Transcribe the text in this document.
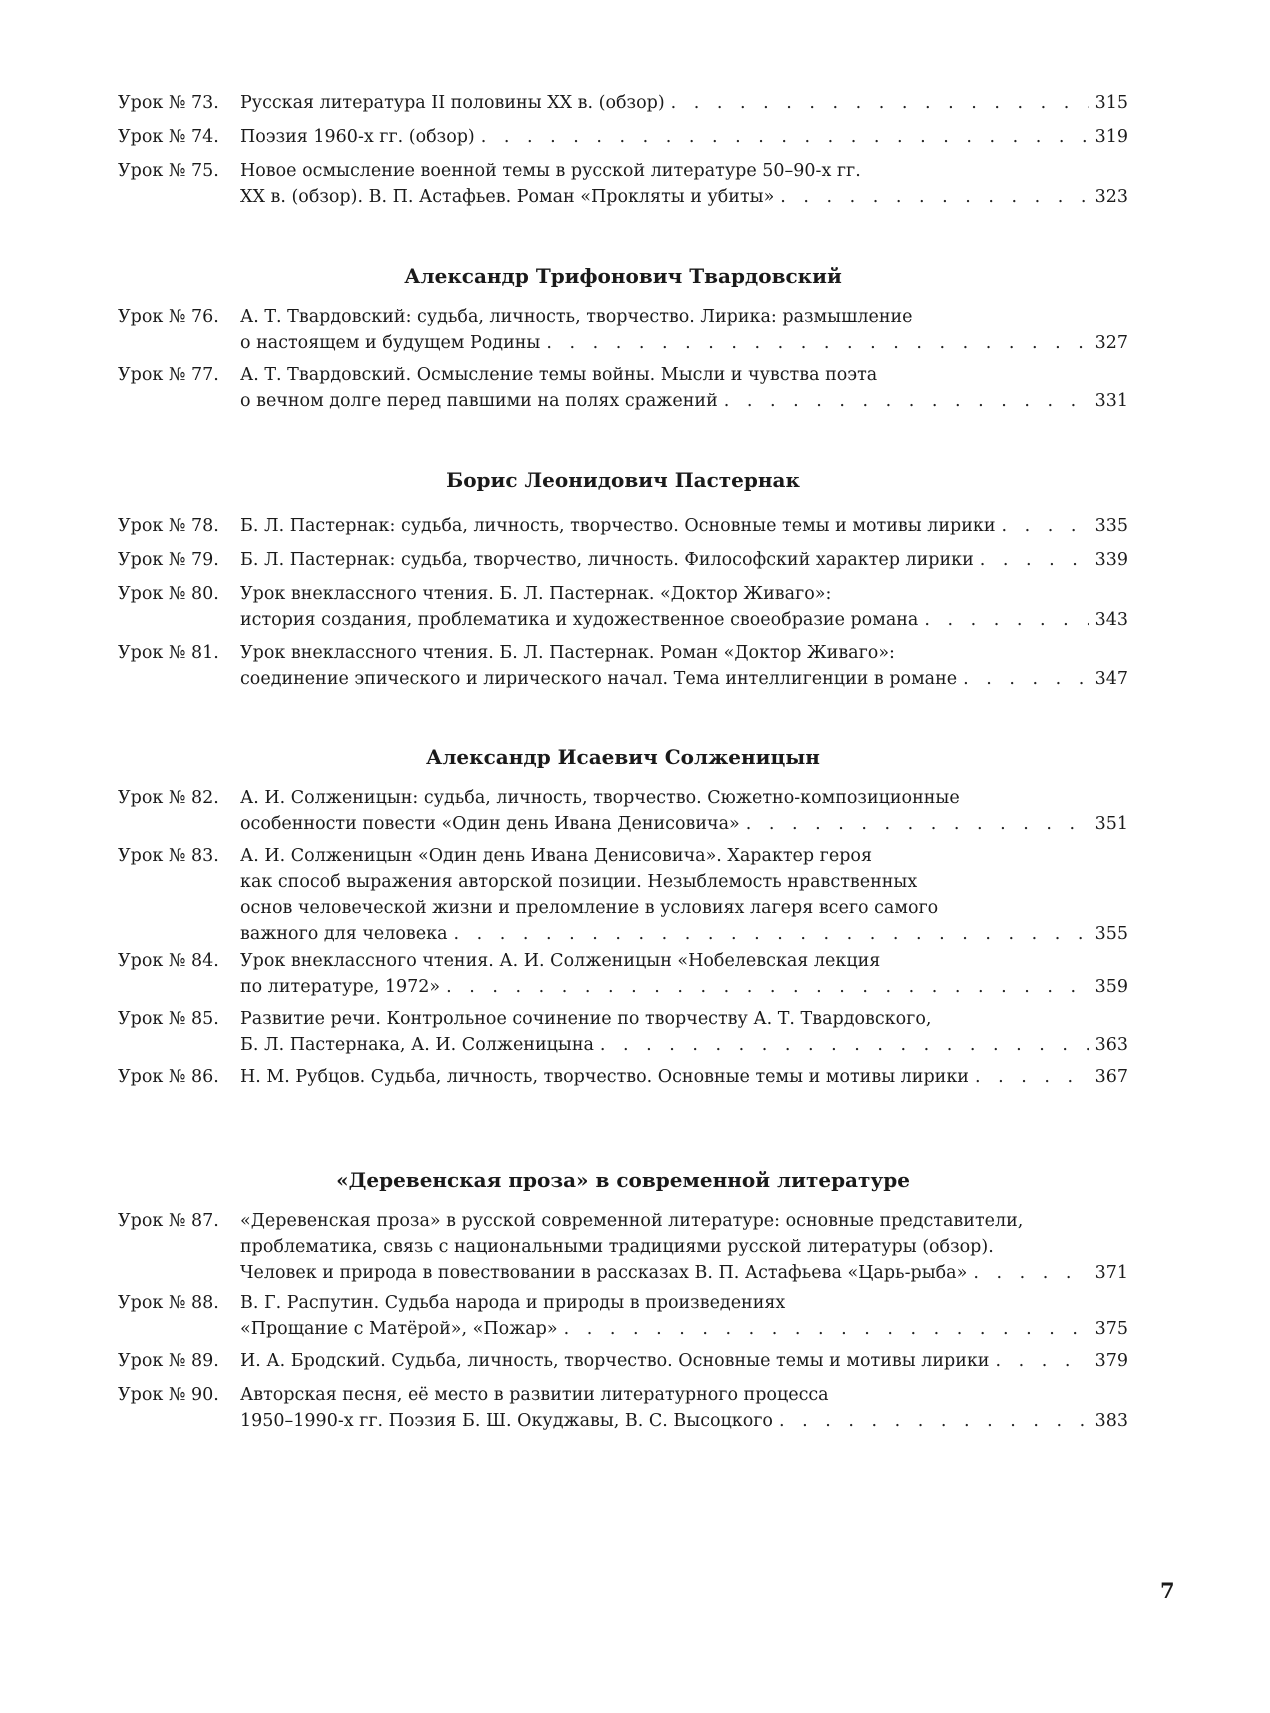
Урок № 73. Русская литература II половины XX в. (обзор) . . .	315
Урок № 74. Поэзия 1960-х гг. (обзор) . . .	319
Урок № 75. Новое осмысление военной темы в русской литературе 50–90-х гг.
XX в. (обзор). В. П. Астафьев. Роман «Прокляты и убиты» . . .	323
Александр Трифонович Твардовский
Урок № 76. А. Т. Твардовский: судьба, личность, творчество. Лирика: размышление
о настоящем и будущем Родины . . .	327
Урок № 77. А. Т. Твардовский. Осмысление темы войны. Мысли и чувства поэта
о вечном долге перед павшими на полях сражений . . .	331
Борис Леонидович Пастернак
Урок № 78. Б. Л. Пастернак: судьба, личность, творчество. Основные темы и мотивы лирики . . .	335
Урок № 79. Б. Л. Пастернак: судьба, творчество, личность. Философский характер лирики . . .	339
Урок № 80. Урок внеклассного чтения. Б. Л. Пастернак. «Доктор Живаго»:
история создания, проблематика и художественное своеобразие романа . . .	343
Урок № 81. Урок внеклассного чтения. Б. Л. Пастернак. Роман «Доктор Живаго»:
соединение эпического и лирического начал. Тема интеллигенции в романе . . .	347
Александр Исаевич Солженицын
Урок № 82. А. И. Солженицын: судьба, личность, творчество. Сюжетно-композиционные
особенности повести «Один день Ивана Денисовича» . . .	351
Урок № 83. А. И. Солженицын «Один день Ивана Денисовича». Характер героя
как способ выражения авторской позиции. Незыблемость нравственных
основ человеческой жизни и преломление в условиях лагеря всего самого
важного для человека . . .	355
Урок № 84. Урок внеклассного чтения. А. И. Солженицын «Нобелевская лекция
по литературе, 1972» . . .	359
Урок № 85. Развитие речи. Контрольное сочинение по творчеству А. Т. Твардовского,
Б. Л. Пастернака, А. И. Солженицына . . .	363
Урок № 86. Н. М. Рубцов. Судьба, личность, творчество. Основные темы и мотивы лирики . . .	367
«Деревенская проза» в современной литературе
Урок № 87. «Деревенская проза» в русской современной литературе: основные представители,
проблематика, связь с национальными традициями русской литературы (обзор).
Человек и природа в повествовании в рассказах В. П. Астафьева «Царь-рыба» . . .	371
Урок № 88. В. Г. Распутин. Судьба народа и природы в произведениях
«Прощание с Матёрой», «Пожар» . . .	375
Урок № 89. И. А. Бродский. Судьба, личность, творчество. Основные темы и мотивы лирики . . .	379
Урок № 90. Авторская песня, её место в развитии литературного процесса
1950–1990-х гг. Поэзия Б. Ш. Окуджавы, В. С. Высоцкого . . .	383
7
